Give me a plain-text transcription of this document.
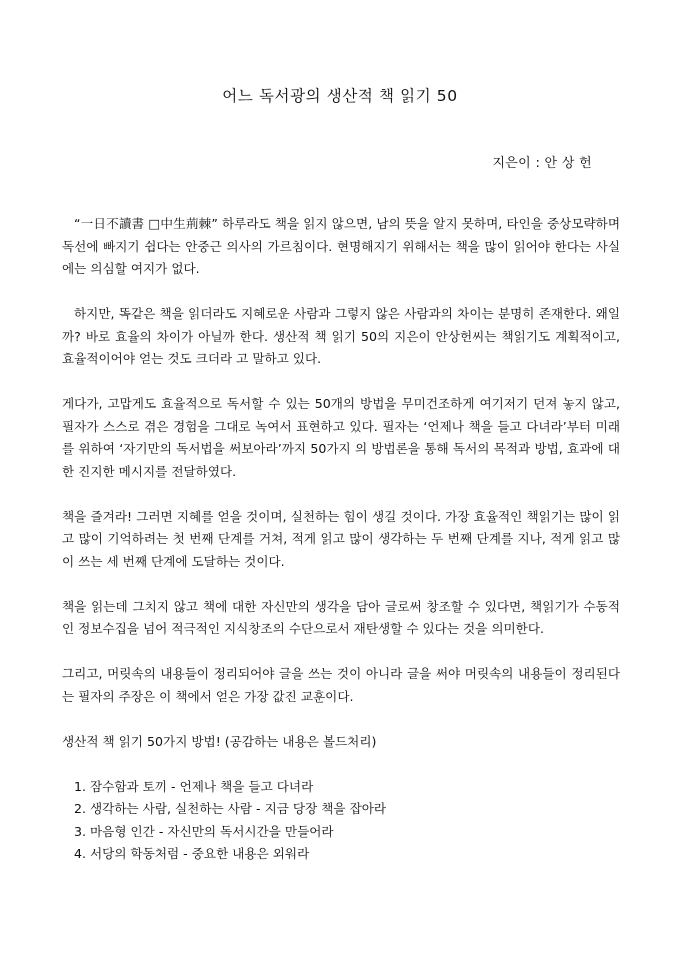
어느 독서광의 생산적 책 읽기 50
지은이 : 안 상 헌

“一日不讀書 □中生荊棘” 하루라도 책을 읽지 않으면, 남의 뜻을 알지 못하며, 타인을 중상모략하며 독선에 빠지기 쉽다는 안중근 의사의 가르침이다. 현명해지기 위해서는 책을 많이 읽어야 한다는 사실에는 의심할 여지가 없다.

하지만, 똑같은 책을 읽더라도 지혜로운 사람과 그렇지 않은 사람과의 차이는 분명히 존재한다. 왜일까? 바로 효율의 차이가 아닐까 한다. 생산적 책 읽기 50의 지은이 안상헌씨는 책읽기도 계획적이고, 효율적이어야 얻는 것도 크더라 고 말하고 있다.

게다가, 고맙게도 효율적으로 독서할 수 있는 50개의 방법을 무미건조하게 여기저기 던져 놓지 않고, 필자가 스스로 겪은 경험을 그대로 녹여서 표현하고 있다. 필자는 ‘언제나 책을 들고 다녀라’부터 미래를 위하여 ‘자기만의 독서법을 써보아라’까지 50가지 의 방법론을 통해 독서의 목적과 방법, 효과에 대한 진지한 메시지를 전달하였다.

책을 즐겨라! 그러면 지혜를 얻을 것이며, 실천하는 힘이 생길 것이다. 가장 효율적인 책읽기는 많이 읽고 많이 기억하려는 첫 번째 단계를 거쳐, 적게 읽고 많이 생각하는 두 번째 단계를 지나, 적게 읽고 많이 쓰는 세 번째 단계에 도달하는 것이다.

책을 읽는데 그치지 않고 책에 대한 자신만의 생각을 담아 글로써 창조할 수 있다면, 책읽기가 수동적인 정보수집을 넘어 적극적인 지식창조의 수단으로서 재탄생할 수 있다는 것을 의미한다.

그리고, 머릿속의 내용들이 정리되어야 글을 쓰는 것이 아니라 글을 써야 머릿속의 내용들이 정리된다는 필자의 주장은 이 책에서 얻은 가장 값진 교훈이다.

생산적 책 읽기 50가지 방법! (공감하는 내용은 볼드처리)
1. 잠수함과 토끼 - 언제나 책을 들고 다녀라
2. 생각하는 사람, 실천하는 사람 - 지금 당장 책을 잡아라
3. 마음형 인간 - 자신만의 독서시간을 만들어라
4. 서당의 학동처럼 - 중요한 내용은 외워라
